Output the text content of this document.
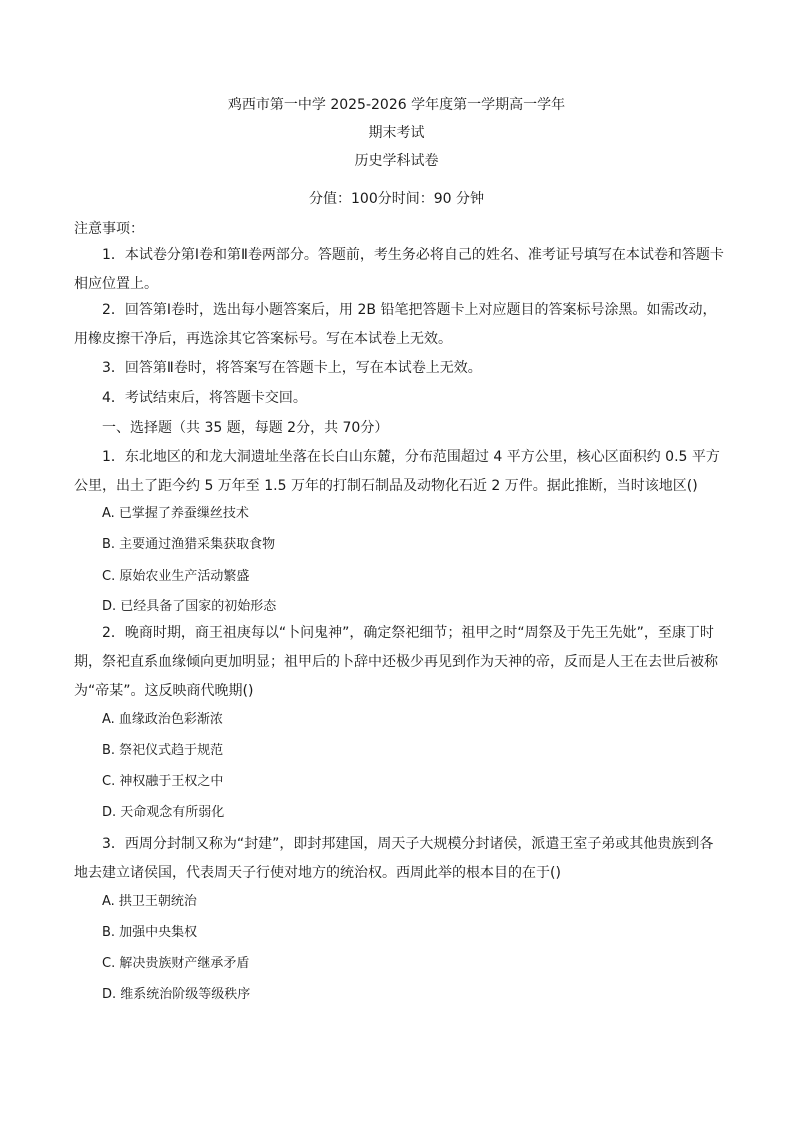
鸡西市第一中学 2025-2026 学年度第一学期高一学年
期末考试
历史学科试卷
分值：100分时间：90 分钟
注意事项：
1．本试卷分第Ⅰ卷和第Ⅱ卷两部分。答题前，考生务必将自己的姓名、准考证号填写在本试卷和答题卡相应位置上。
2．回答第Ⅰ卷时，选出每小题答案后，用 2B 铅笔把答题卡上对应题目的答案标号涂黑。如需改动，用橡皮擦干净后，再选涂其它答案标号。写在本试卷上无效。
3．回答第Ⅱ卷时，将答案写在答题卡上，写在本试卷上无效。
4．考试结束后，将答题卡交回。
一、选择题（共 35 题，每题 2分，共 70分）
1．东北地区的和龙大洞遗址坐落在长白山东麓，分布范围超过 4 平方公里，核心区面积约 0.5 平方公里，出土了距今约 5 万年至 1.5 万年的打制石制品及动物化石近 2 万件。据此推断，当时该地区()
A. 已掌握了养蚕缫丝技术
B. 主要通过渔猎采集获取食物
C. 原始农业生产活动繁盛
D. 已经具备了国家的初始形态
2．晚商时期，商王祖庚每以“卜问鬼神”，确定祭祀细节；祖甲之时“周祭及于先王先妣”，至康丁时期，祭祀直系血缘倾向更加明显；祖甲后的卜辞中还极少再见到作为天神的帝，反而是人王在去世后被称为“帝某”。这反映商代晚期()
A. 血缘政治色彩渐浓
B. 祭祀仪式趋于规范
C. 神权融于王权之中
D. 天命观念有所弱化
3．西周分封制又称为“封建”，即封邦建国，周天子大规模分封诸侯，派遣王室子弟或其他贵族到各地去建立诸侯国，代表周天子行使对地方的统治权。西周此举的根本目的在于()
A. 拱卫王朝统治
B. 加强中央集权
C. 解决贵族财产继承矛盾
D. 维系统治阶级等级秩序
